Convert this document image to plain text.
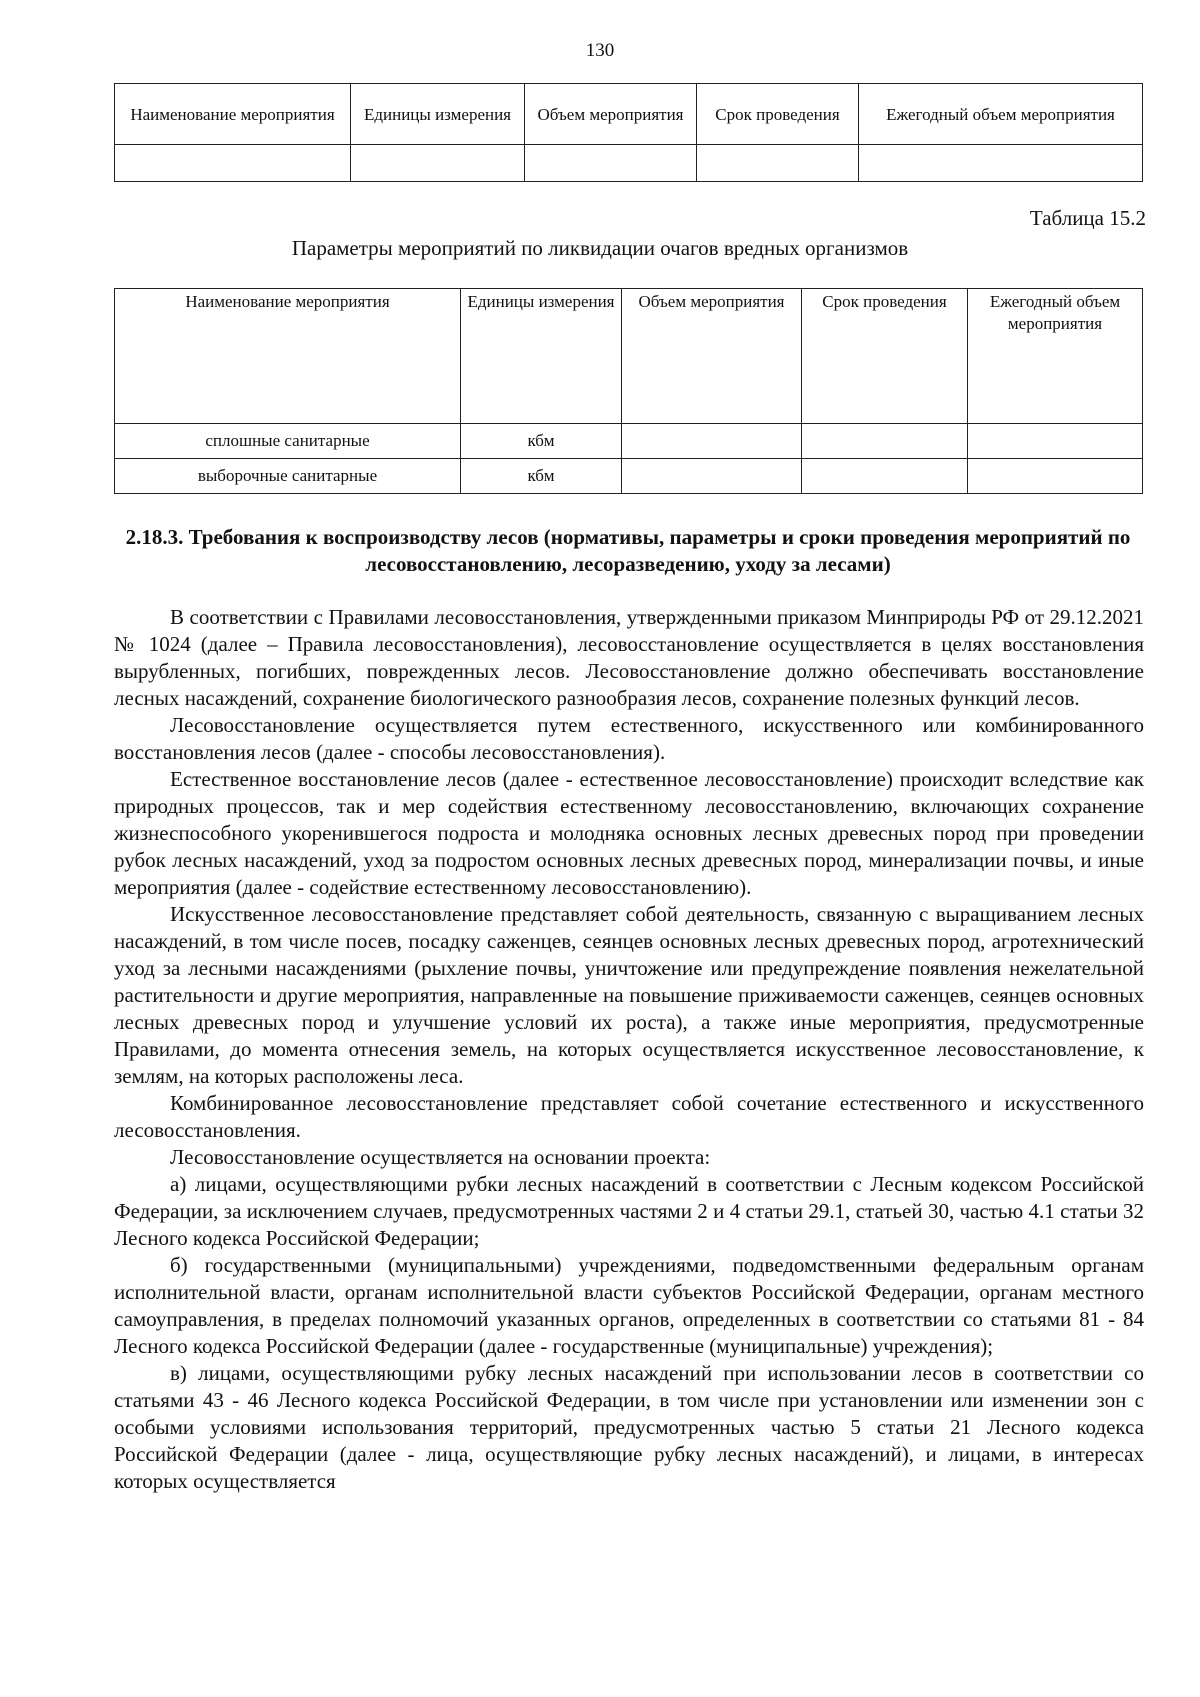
130
Наименование мероприятия	Единицы измерения	Объем мероприятия	Срок проведения	Ежегодный объем мероприятия

Таблица 15.2
Параметры мероприятий по ликвидации очагов вредных организмов
Наименование мероприятия	Единицы измерения	Объем мероприятия	Срок проведения	Ежегодный объем мероприятия
сплошные санитарные	кбм			
выборочные санитарные	кбм			
2.18.3. Требования к воспроизводству лесов (нормативы, параметры и сроки проведения мероприятий по лесовосстановлению, лесоразведению, уходу за лесами)

В соответствии с Правилами лесовосстановления, утвержденными приказом Минприроды РФ от 29.12.2021 № 1024 (далее – Правила лесовосстановления), лесовосстановление осуществляется в целях восстановления вырубленных, погибших, поврежденных лесов. Лесовосстановление должно обеспечивать восстановление лесных насаждений, сохранение биологического разнообразия лесов, сохранение полезных функций лесов.

Лесовосстановление осуществляется путем естественного, искусственного или комбинированного восстановления лесов (далее - способы лесовосстановления).

Естественное восстановление лесов (далее - естественное лесовосстановление) происходит вследствие как природных процессов, так и мер содействия естественному лесовосстановлению, включающих сохранение жизнеспособного укоренившегося подроста и молодняка основных лесных древесных пород при проведении рубок лесных насаждений, уход за подростом основных лесных древесных пород, минерализации почвы, и иные мероприятия (далее - содействие естественному лесовосстановлению).

Искусственное лесовосстановление представляет собой деятельность, связанную с выращиванием лесных насаждений, в том числе посев, посадку саженцев, сеянцев основных лесных древесных пород, агротехнический уход за лесными насаждениями (рыхление почвы, уничтожение или предупреждение появления нежелательной растительности и другие мероприятия, направленные на повышение приживаемости саженцев, сеянцев основных лесных древесных пород и улучшение условий их роста), а также иные мероприятия, предусмотренные Правилами, до момента отнесения земель, на которых осуществляется искусственное лесовосстановление, к землям, на которых расположены леса.

Комбинированное лесовосстановление представляет собой сочетание естественного и искусственного лесовосстановления.

Лесовосстановление осуществляется на основании проекта:

а) лицами, осуществляющими рубки лесных насаждений в соответствии с Лесным кодексом Российской Федерации, за исключением случаев, предусмотренных частями 2 и 4 статьи 29.1, статьей 30, частью 4.1 статьи 32 Лесного кодекса Российской Федерации;

б) государственными (муниципальными) учреждениями, подведомственными федеральным органам исполнительной власти, органам исполнительной власти субъектов Российской Федерации, органам местного самоуправления, в пределах полномочий указанных органов, определенных в соответствии со статьями 81 - 84 Лесного кодекса Российской Федерации (далее - государственные (муниципальные) учреждения);

в) лицами, осуществляющими рубку лесных насаждений при использовании лесов в соответствии со статьями 43 - 46 Лесного кодекса Российской Федерации, в том числе при установлении или изменении зон с особыми условиями использования территорий, предусмотренных частью 5 статьи 21 Лесного кодекса Российской Федерации (далее - лица, осуществляющие рубку лесных насаждений), и лицами, в интересах которых осуществляется
